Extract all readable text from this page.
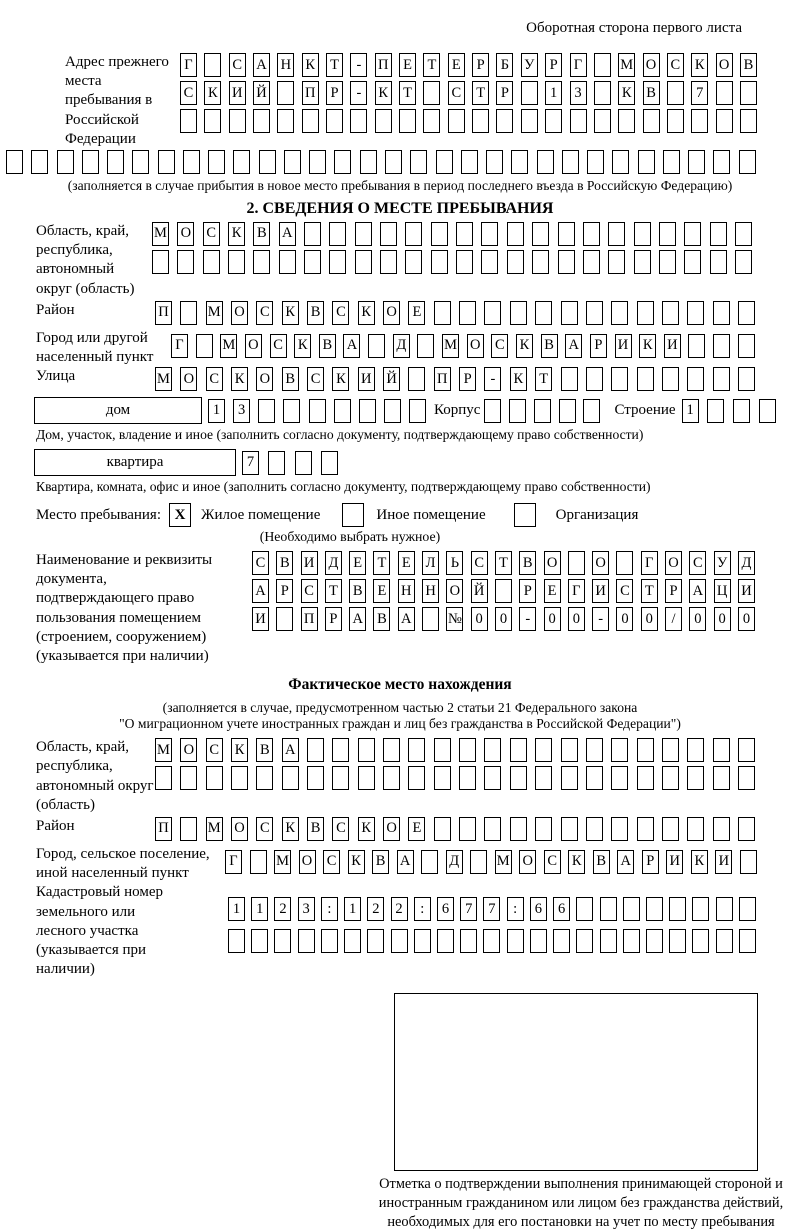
Оборотная сторона первого листа
Адрес прежнего места пребывания в Российской Федерации
Г	С А Н К Т	-	П Е Т Е	Р	Б У	Р	Г	М О С К О В
С К И Й	П	Р	-	К Т	С Т	Р	1	3	К В	7
(заполняется в случае прибытия в новое место пребывания в период последнего въезда в Российскую Федерацию)
2. СВЕДЕНИЯ О МЕСТЕ ПРЕБЫВАНИЯ
Область, край, республика, автономный округ (область)
М О С К В А
Район	П	М О С К В С К О Е
Город или другой населенный пункт
Г	М О С К В А	Д	М О С К В А	Р	И К И
Улица	М О С К О В С К И Й	П	Р	-	К Т
дом	1	3	Корпус	Строение 1
Дом, участок, владение и иное (заполнить согласно документу, подтверждающему право собственности)
квартира	7
Квартира, комната, офис и иное (заполнить согласно документу, подтверждающему право собственности)
Место пребывания: X	Жилое помещение	Иное помещение	Организация
(Необходимо выбрать нужное)
Наименование и реквизиты документа, подтверждающего право пользования помещением (строением, сооружением) (указывается при наличии)
С В И Д Е Т Е Л Ь С Т В О	О	Г О С У Д
А	Р	С Т В Е Н Н О Й	Р	Е Г И С Т	Р	А Ц И
И	П	Р	А В А	№ 0	0	-	0	0	-	0	0	/	0	0	0
Фактическое место нахождения
(заполняется в случае, предусмотренном частью 2 статьи 21 Федерального закона
"О миграционном учете иностранных граждан и лиц без гражданства в Российской Федерации")
Область, край, республика, автономный округ (область)
М О С К В А
Район	П	М О С К В С К О Е
Город, сельское поселение, иной населенный пункт
Г	М О С К В А	Д	М О С К В А	Р	И К И
Кадастровый номер земельного или лесного участка (указывается при наличии)
1	1	2	3	:	1	2	2	:	6	7	7	:	6	6
Отметка о подтверждении выполнения принимающей стороной и иностранным гражданином или лицом без гражданства действий, необходимых для его постановки на учет по месту пребывания
